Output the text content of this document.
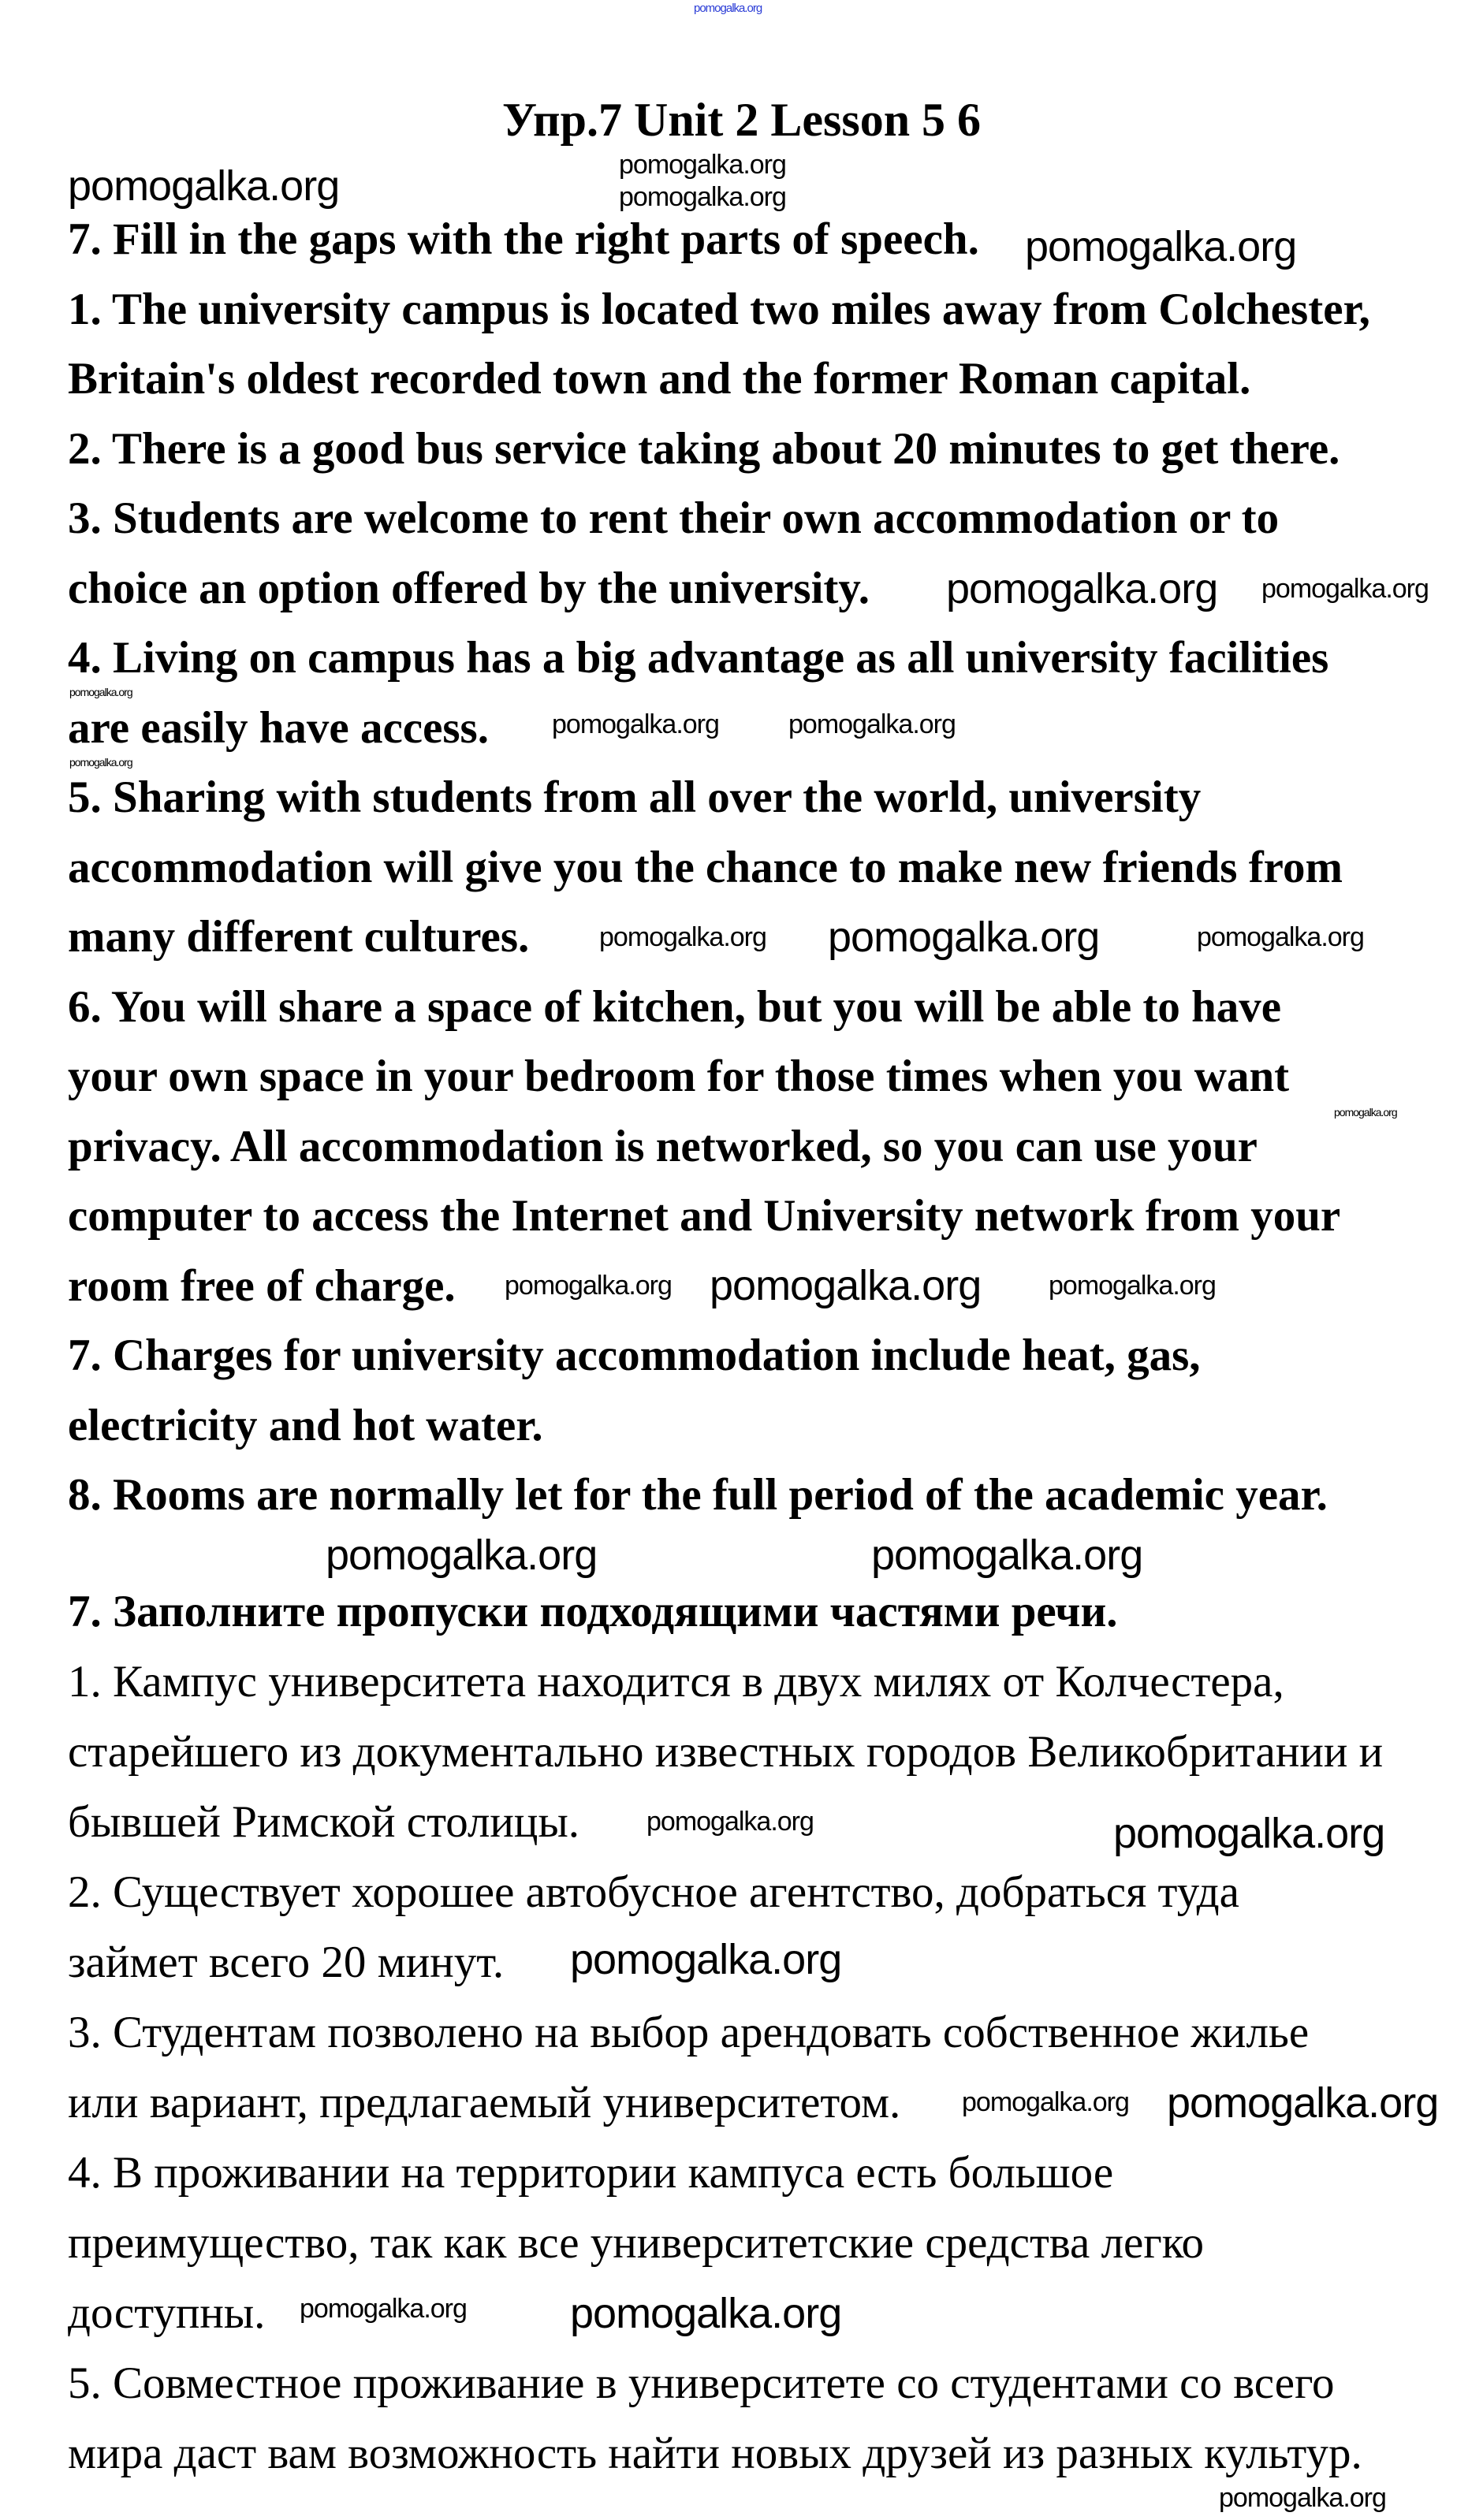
pomogalka.org
Упр.7 Unit 2 Lesson 5 6
7. Fill in the gaps with the right parts of speech.
1. The university campus is located two miles away from Colchester,
Britain's oldest recorded town and the former Roman capital.
2. There is a good bus service taking about 20 minutes to get there.
3. Students are welcome to rent their own accommodation or to
choice an option offered by the university.
4. Living on campus has a big advantage as all university facilities
are easily have access.
5. Sharing with students from all over the world, university
accommodation will give you the chance to make new friends from
many different cultures.
6. You will share a space of kitchen, but you will be able to have
your own space in your bedroom for those times when you want
privacy. All accommodation is networked, so you can use your
computer to access the Internet and University network from your
room free of charge.
7. Charges for university accommodation include heat, gas,
electricity and hot water.
8. Rooms are normally let for the full period of the academic year.
7. Заполните пропуски подходящими частями речи.
1. Кампус университета находится в двух милях от Колчестера,
старейшего из документально известных городов Великобритании и
бывшей Римской столицы.
2. Существует хорошее автобусное агентство, добраться туда
займет всего 20 минут.
3. Студентам позволено на выбор арендовать собственное жилье
или вариант, предлагаемый университетом.
4. В проживании на территории кампуса есть большое
преимущество, так как все университетские средства легко
доступны.
5. Совместное проживание в университете со студентами со всего
мира даст вам возможность найти новых друзей из разных культур.
pomogalka.org
pomogalka.org
pomogalka.org
pomogalka.org
pomogalka.org
pomogalka.org
pomogalka.org
pomogalka.org
pomogalka.org
pomogalka.org
pomogalka.org
pomogalka.org pomogalka.org
pomogalka.org
pomogalka.org	pomogalka.org
pomogalka.org
pomogalka.org	pomogalka.org
pomogalka.org
pomogalka.org
pomogalka.org
pomogalka.org pomogalka.org
pomogalka.org pomogalka.org
pomogalka.org
